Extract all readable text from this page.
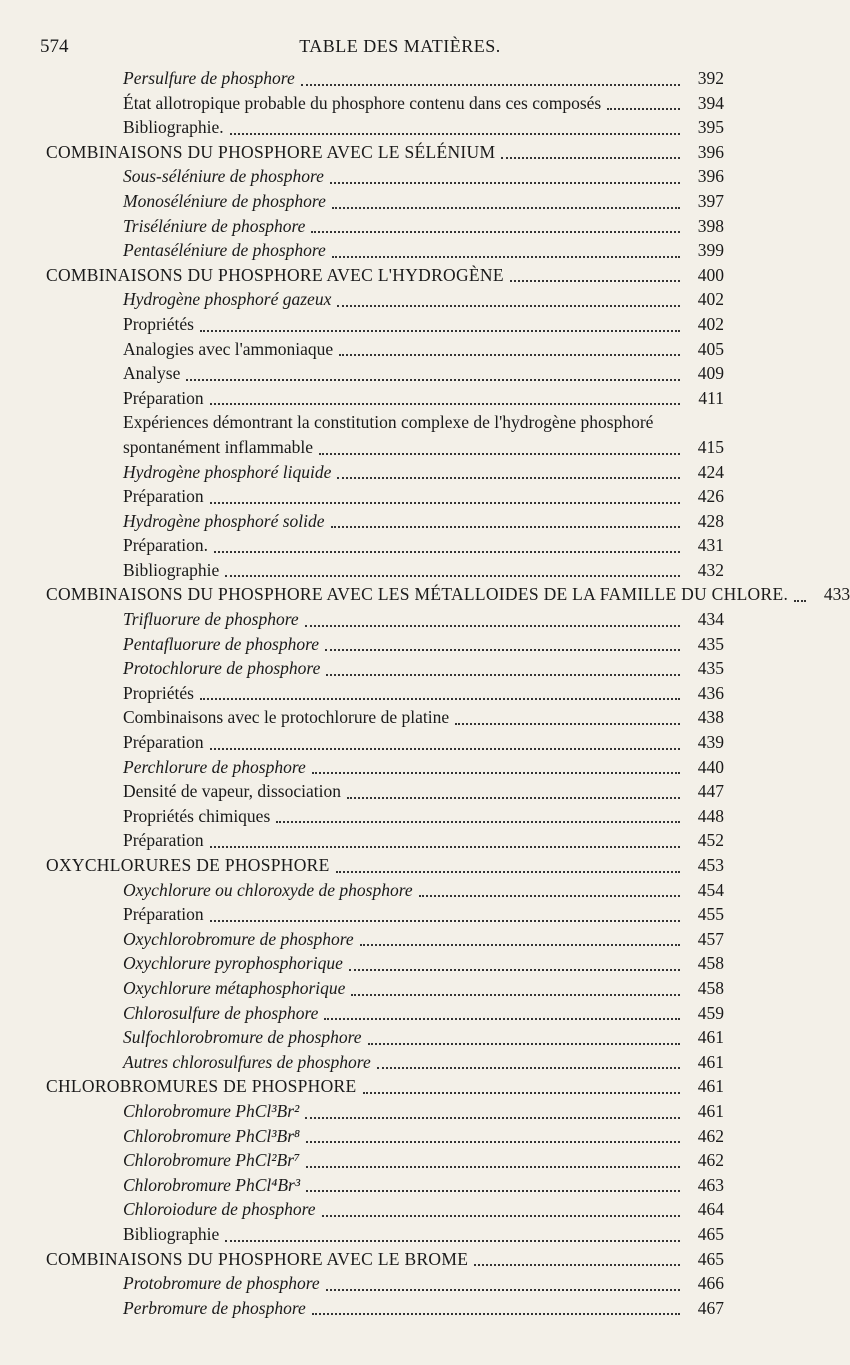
574	TABLE DES MATIÈRES.
Persulfure de phosphore	392
État allotropique probable du phosphore contenu dans ces composés	394
Bibliographie.	395
COMBINAISONS DU PHOSPHORE AVEC LE SÉLÉNIUM	396
Sous-séléniure de phosphore	396
Monoséléniure de phosphore	397
Triséléniure de phosphore	398
Pentaséléniure de phosphore	399
COMBINAISONS DU PHOSPHORE AVEC L'HYDROGÈNE	400
Hydrogène phosphoré gazeux	402
Propriétés	402
Analogies avec l'ammoniaque	405
Analyse	409
Préparation	411
Expériences démontrant la constitution complexe de l'hydrogène phosphoré
spontanément inflammable	415
Hydrogène phosphoré liquide	424
Préparation	426
Hydrogène phosphoré solide	428
Préparation.	431
Bibliographie	432
COMBINAISONS DU PHOSPHORE AVEC LES MÉTALLOIDES DE LA FAMILLE DU CHLORE.	433
Trifluorure de phosphore	434
Pentafluorure de phosphore	435
Protochlorure de phosphore	435
Propriétés	436
Combinaisons avec le protochlorure de platine	438
Préparation	439
Perchlorure de phosphore	440
Densité de vapeur, dissociation	447
Propriétés chimiques	448
Préparation	452
OXYCHLORURES DE PHOSPHORE	453
Oxychlorure ou chloroxyde de phosphore	454
Préparation	455
Oxychlorobromure de phosphore	457
Oxychlorure pyrophosphorique	458
Oxychlorure métaphosphorique	458
Chlorosulfure de phosphore	459
Sulfochlorobromure de phosphore	461
Autres chlorosulfures de phosphore	461
CHLOROBROMURES DE PHOSPHORE	461
Chlorobromure PhCl³Br²	461
Chlorobromure PhCl³Br⁸	462
Chlorobromure PhCl²Br⁷	462
Chlorobromure PhCl⁴Br³	463
Chloroiodure de phosphore	464
Bibliographie	465
COMBINAISONS DU PHOSPHORE AVEC LE BROME	465
Protobromure de phosphore	466
Perbromure de phosphore	467
